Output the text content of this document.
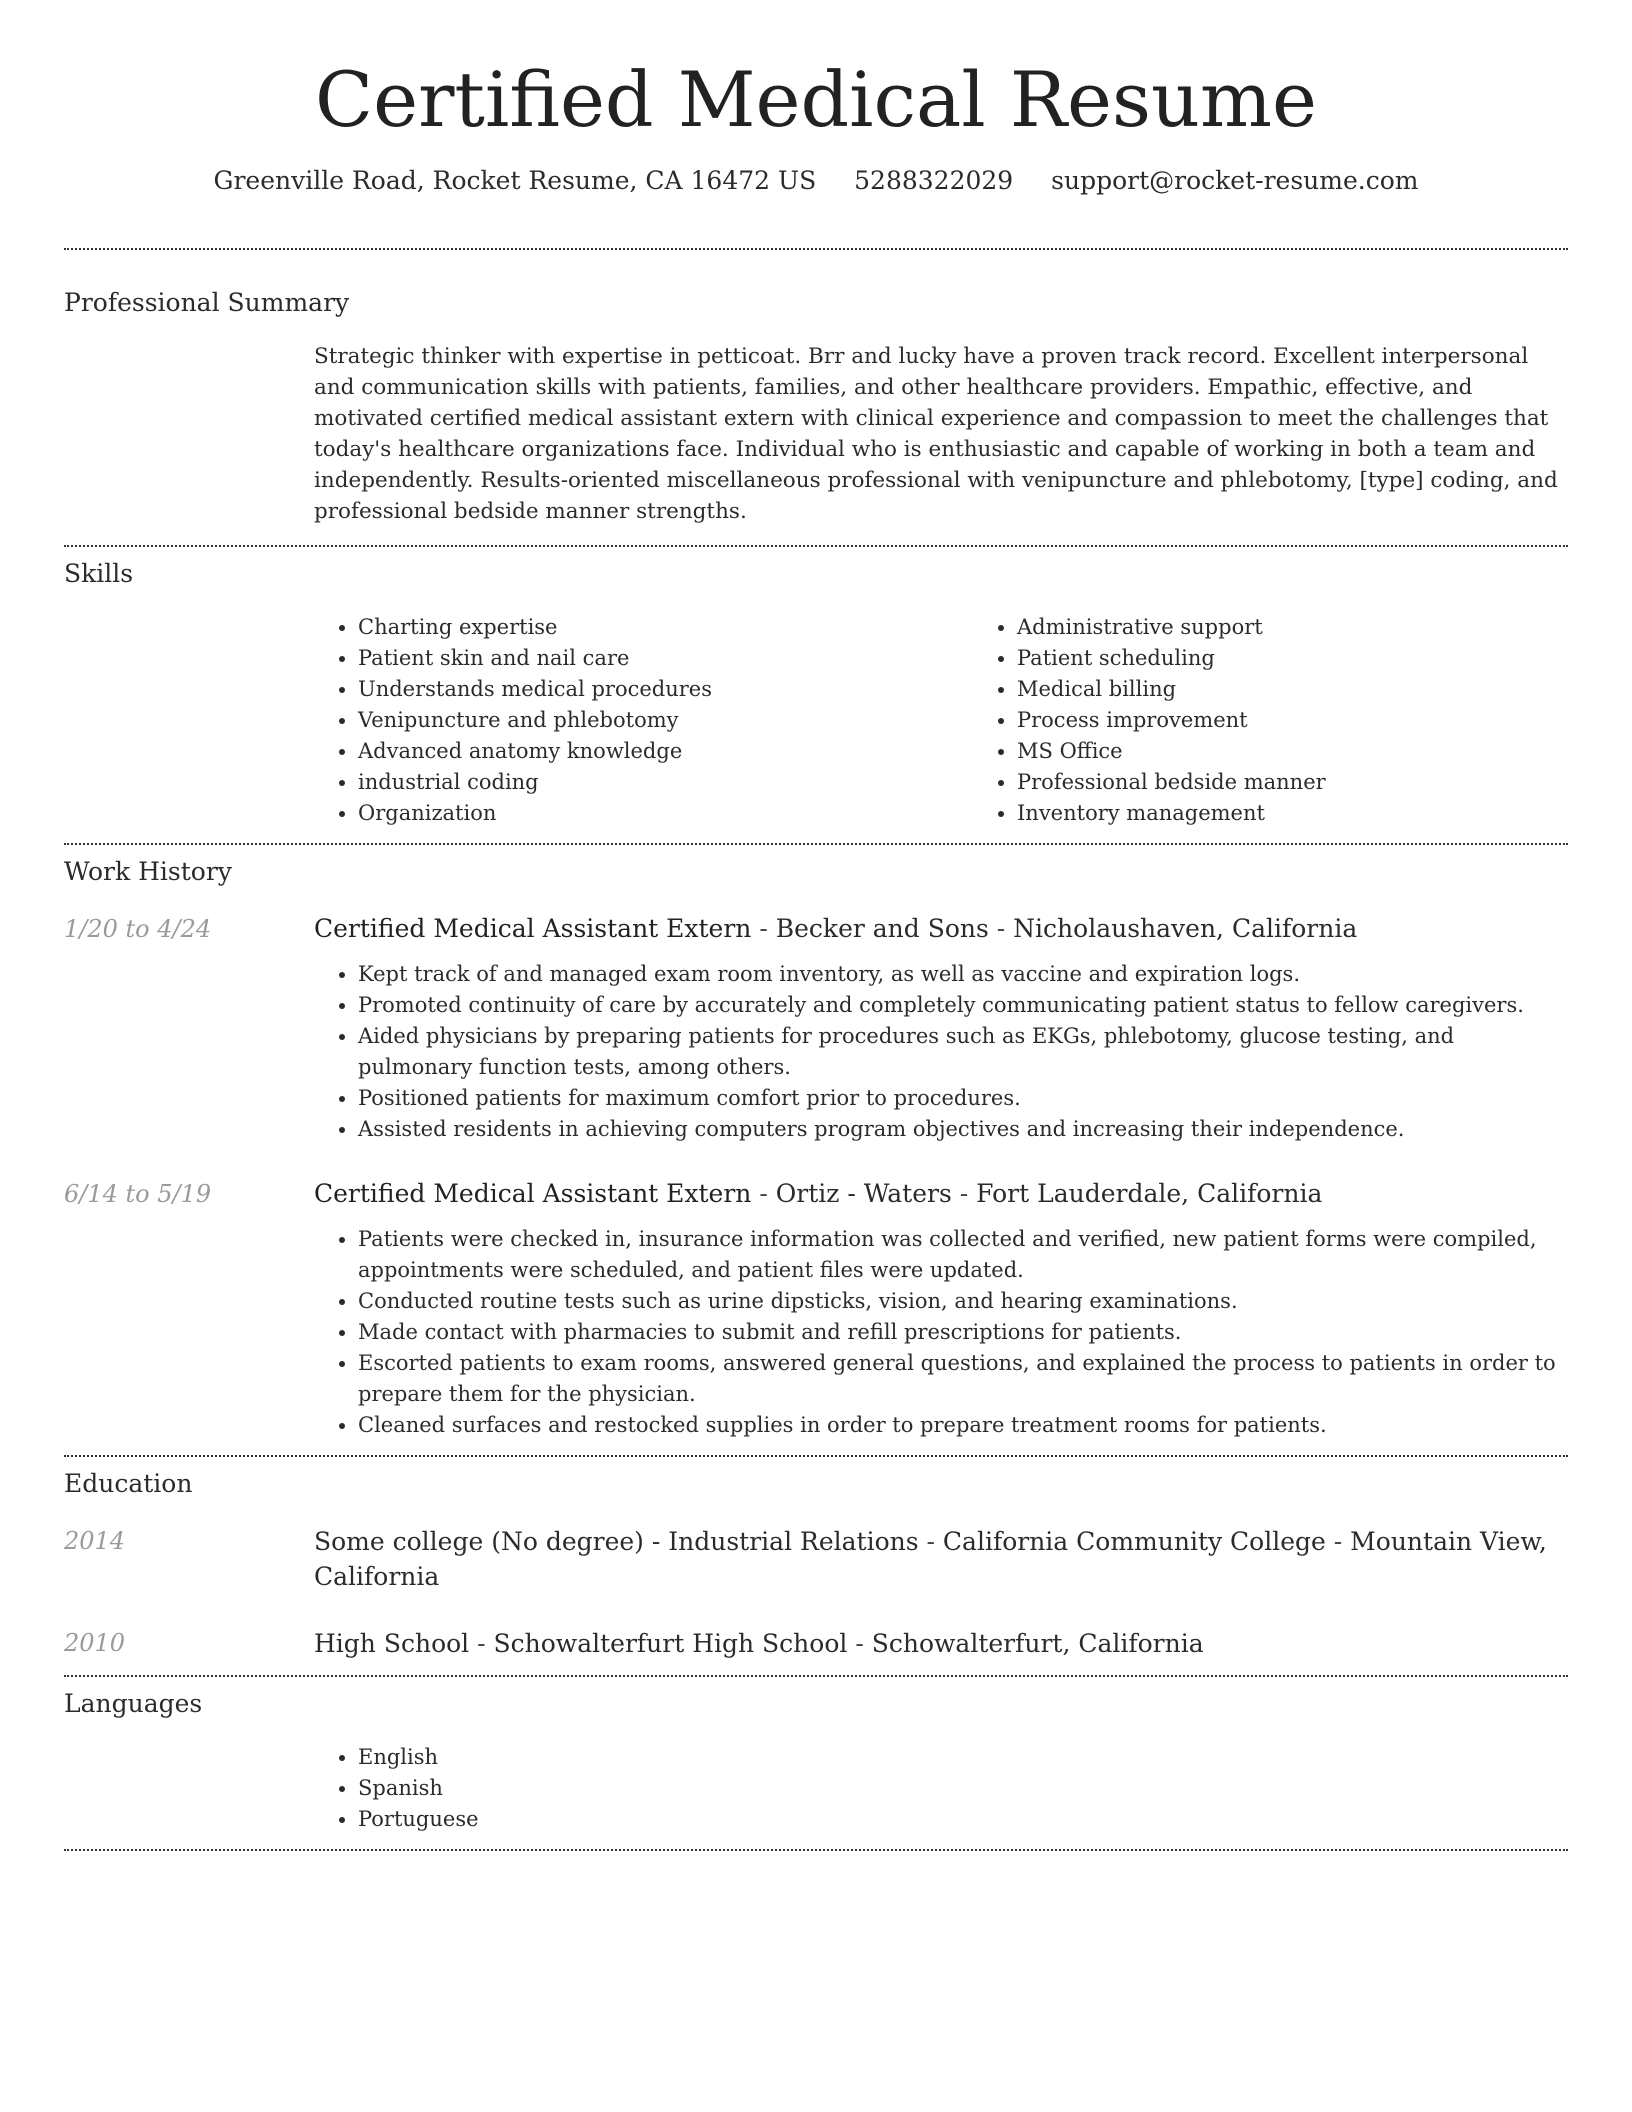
Certified Medical Resume
Greenville Road, Rocket Resume, CA 16472 US 5288322029 support@rocket-resume.com
Professional Summary

Strategic thinker with expertise in petticoat. Brr and lucky have a proven track record. Excellent interpersonal and communication skills with patients, families, and other healthcare providers. Empathic, effective, and motivated certified medical assistant extern with clinical experience and compassion to meet the challenges that today's healthcare organizations face. Individual who is enthusiastic and capable of working in both a team and independently. Results-oriented miscellaneous professional with venipuncture and phlebotomy, [type] coding, and professional bedside manner strengths.

Skills
• Charting expertise
• Patient skin and nail care
• Understands medical procedures
• Venipuncture and phlebotomy
• Advanced anatomy knowledge
• industrial coding
• Organization
• Administrative support
• Patient scheduling
• Medical billing
• Process improvement
• MS Office
• Professional bedside manner
• Inventory management
Work History
1/20 to 4/24	Certified Medical Assistant Extern - Becker and Sons - Nicholaushaven, California
• Kept track of and managed exam room inventory, as well as vaccine and expiration logs.
• Promoted continuity of care by accurately and completely communicating patient status to fellow caregivers.
• Aided physicians by preparing patients for procedures such as EKGs, phlebotomy, glucose testing, and pulmonary function tests, among others.
• Positioned patients for maximum comfort prior to procedures.
• Assisted residents in achieving computers program objectives and increasing their independence.
6/14 to 5/19	Certified Medical Assistant Extern - Ortiz - Waters - Fort Lauderdale, California
• Patients were checked in, insurance information was collected and verified, new patient forms were compiled, appointments were scheduled, and patient files were updated.
• Conducted routine tests such as urine dipsticks, vision, and hearing examinations.
• Made contact with pharmacies to submit and refill prescriptions for patients.
• Escorted patients to exam rooms, answered general questions, and explained the process to patients in order to prepare them for the physician.
• Cleaned surfaces and restocked supplies in order to prepare treatment rooms for patients.
Education
2014	Some college (No degree) - Industrial Relations - California Community College - Mountain View, California
2010	High School - Schowalterfurt High School - Schowalterfurt, California
Languages
• English
• Spanish
• Portuguese
